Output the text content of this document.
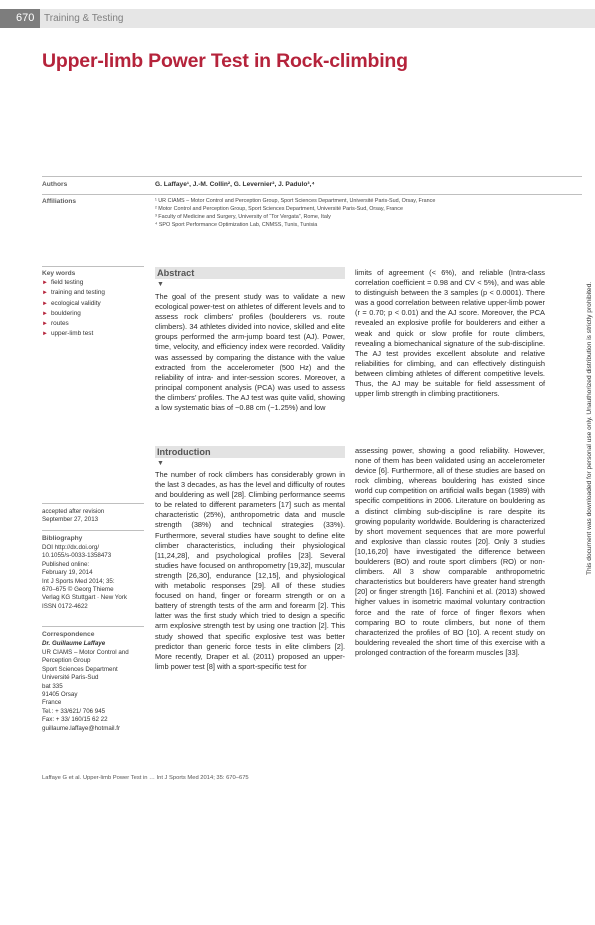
670 Training & Testing
Upper-limb Power Test in Rock-climbing
Authors	G. Laffaye¹, J.-M. Collin², G. Levernier², J. Padulo³,⁴
Affiliations	¹ UR CIAMS – Motor Control and Perception Group, Sport Sciences Department, Université Paris-Sud, Orsay, France
² Motor Control and Perception Group, Sport Sciences Department, Université Paris-Sud, Orsay, France
³ Faculty of Medicine and Surgery, University of “Tor Vergata”, Rome, Italy
⁴ SPO Sport Performance Optimization Lab, CNMSS, Tunis, Tunisia
Key words
► field testing
► training and testing
► ecological validity
► bouldering
► routes
► upper-limb test
Abstract
▼

The goal of the present study was to validate a new ecological power-test on athletes of different levels and to assess rock climbers’ profiles (boulderers vs. route climbers). 34 athletes divided into novice, skilled and elite groups performed the arm-jump board test (AJ). Power, time, velocity, and efficiency index were recorded. Validity was assessed by comparing the distance with the value extracted from the accelerometer (500 Hz) and the reliability of intra- and inter-session scores. Moreover, a principal component analysis (PCA) was used to assess the climbers’ profiles. The AJ test was quite valid, showing a low systematic bias of −0.88 cm (−1.25%) and low

limits of agreement (< 6%), and reliable (Intra-class correlation coefficient = 0.98 and CV < 5%), and was able to distinguish between the 3 samples (p < 0.0001). There was a good correlation between relative upper-limb power (r = 0.70; p < 0.01) and the AJ score. Moreover, the PCA revealed an explosive profile for boulderers and either a weak and quick or slow profile for route climbers, revealing a biomechanical signature of the sub-discipline. The AJ test provides excellent absolute and relative reliabilities for climbing, and can effectively distinguish between climbing athletes of different competitive levels. Thus, the AJ may be suitable for field assessment of upper limb strength in climbing practitioners.

accepted after revision
September 27, 2013
Bibliography
DOI http://dx.doi.org/
10.1055/s-0033-1358473
Published online:
February 19, 2014
Int J Sports Med 2014; 35:
670–675 © Georg Thieme
Verlag KG Stuttgart · New York
ISSN 0172-4622
Correspondence
Dr. Guillaume Laffaye
UR CIAMS – Motor Control and
Perception Group
Sport Sciences Department
Université Paris-Sud
bat 335
91405 Orsay
France
Tel.: + 33/621/ 706 945
Fax: + 33/ 160/15 62 22
guillaume.laffaye@hotmail.fr
Introduction
▼

The number of rock climbers has considerably grown in the last 3 decades, as has the level and difficulty of routes and bouldering as well [28]. Climbing performance seems to be related to different parameters [17] such as mental characteristic (25%), anthropometric data and muscle strength (38%) and technical strategies (33%). Furthermore, several studies have sought to define elite climber characteristics, including their physiological [11,24,28], and psychological profiles [23]. Several studies have focused on anthropometry [19,32], muscular strength [26,30], endurance [12,15], and physiological with metabolic responses [29]. All of these studies focused on hand, finger or forearm strength or on a battery of strength tests of the arm and forearm [2]. This latter was the first study which tried to design a specific arm explosive strength test by using one traction [2]. This study showed that specific explosive test was better predictor than generic force tests in elite climbers [2]. More recently, Draper et al. (2011) proposed an upper-limb power test [8] with a sport-specific test for

assessing power, showing a good reliability. However, none of them has been validated using an accelerometer device [6]. Furthermore, all of these studies are based on rock climbing, whereas bouldering has existed since world cup competition on artificial walls began (1989) with specific competitions in 2006. Literature on bouldering as a distinct climbing sub-discipline is rare despite its growing popularity worldwide. Bouldering is characterized by short movement sequences that are more powerful and explosive than classic routes [20]. Only 3 studies [10,16,20] have investigated the difference between boulderers (BO) and route sport climbers (RO) or non-climbers. All 3 show comparable anthropometric characteristics but boulderers have greater hand strength [20] or finger strength [16]. Fanchini et al. (2013) showed higher values in isometric maximal voluntary contraction force and the rate of force of finger flexors when comparing BO to route climbers, but none of them characterized the profiles of BO [10]. A recent study on bouldering revealed the short time of this exercise with a prolonged contraction of the forearm muscles [33].

This document was downloaded for personal use only. Unauthorized distribution is strictly prohibited.
Laffaye G et al. Upper-limb Power Test in … Int J Sports Med 2014; 35: 670–675
